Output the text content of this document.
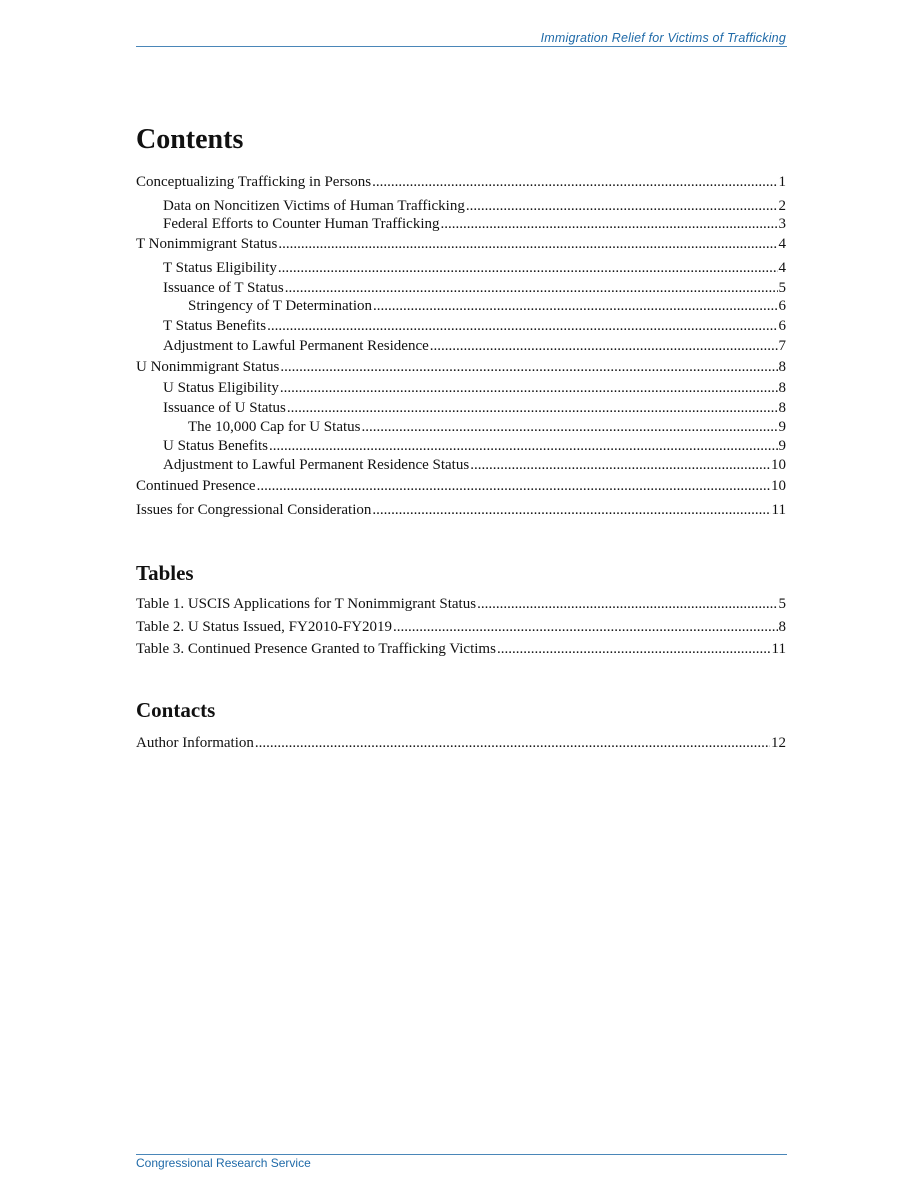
Immigration Relief for Victims of Trafficking
Contents
Conceptualizing Trafficking in Persons .....	1
Data on Noncitizen Victims of Human Trafficking .....	2
Federal Efforts to Counter Human Trafficking .....	3
T Nonimmigrant Status .....	4
T Status Eligibility .....	4
Issuance of T Status .....	5
Stringency of T Determination .....	6
T Status Benefits .....	6
Adjustment to Lawful Permanent Residence .....	7
U Nonimmigrant Status .....	8
U Status Eligibility .....	8
Issuance of U Status .....	8
The 10,000 Cap for U Status .....	9
U Status Benefits .....	9
Adjustment to Lawful Permanent Residence Status .....	10
Continued Presence .....	10
Issues for Congressional Consideration .....	11
Tables
Table 1. USCIS Applications for T Nonimmigrant Status .....	5
Table 2. U Status Issued, FY2010-FY2019 .....	8
Table 3. Continued Presence Granted to Trafficking Victims .....	11
Contacts
Author Information .....	12
Congressional Research Service
